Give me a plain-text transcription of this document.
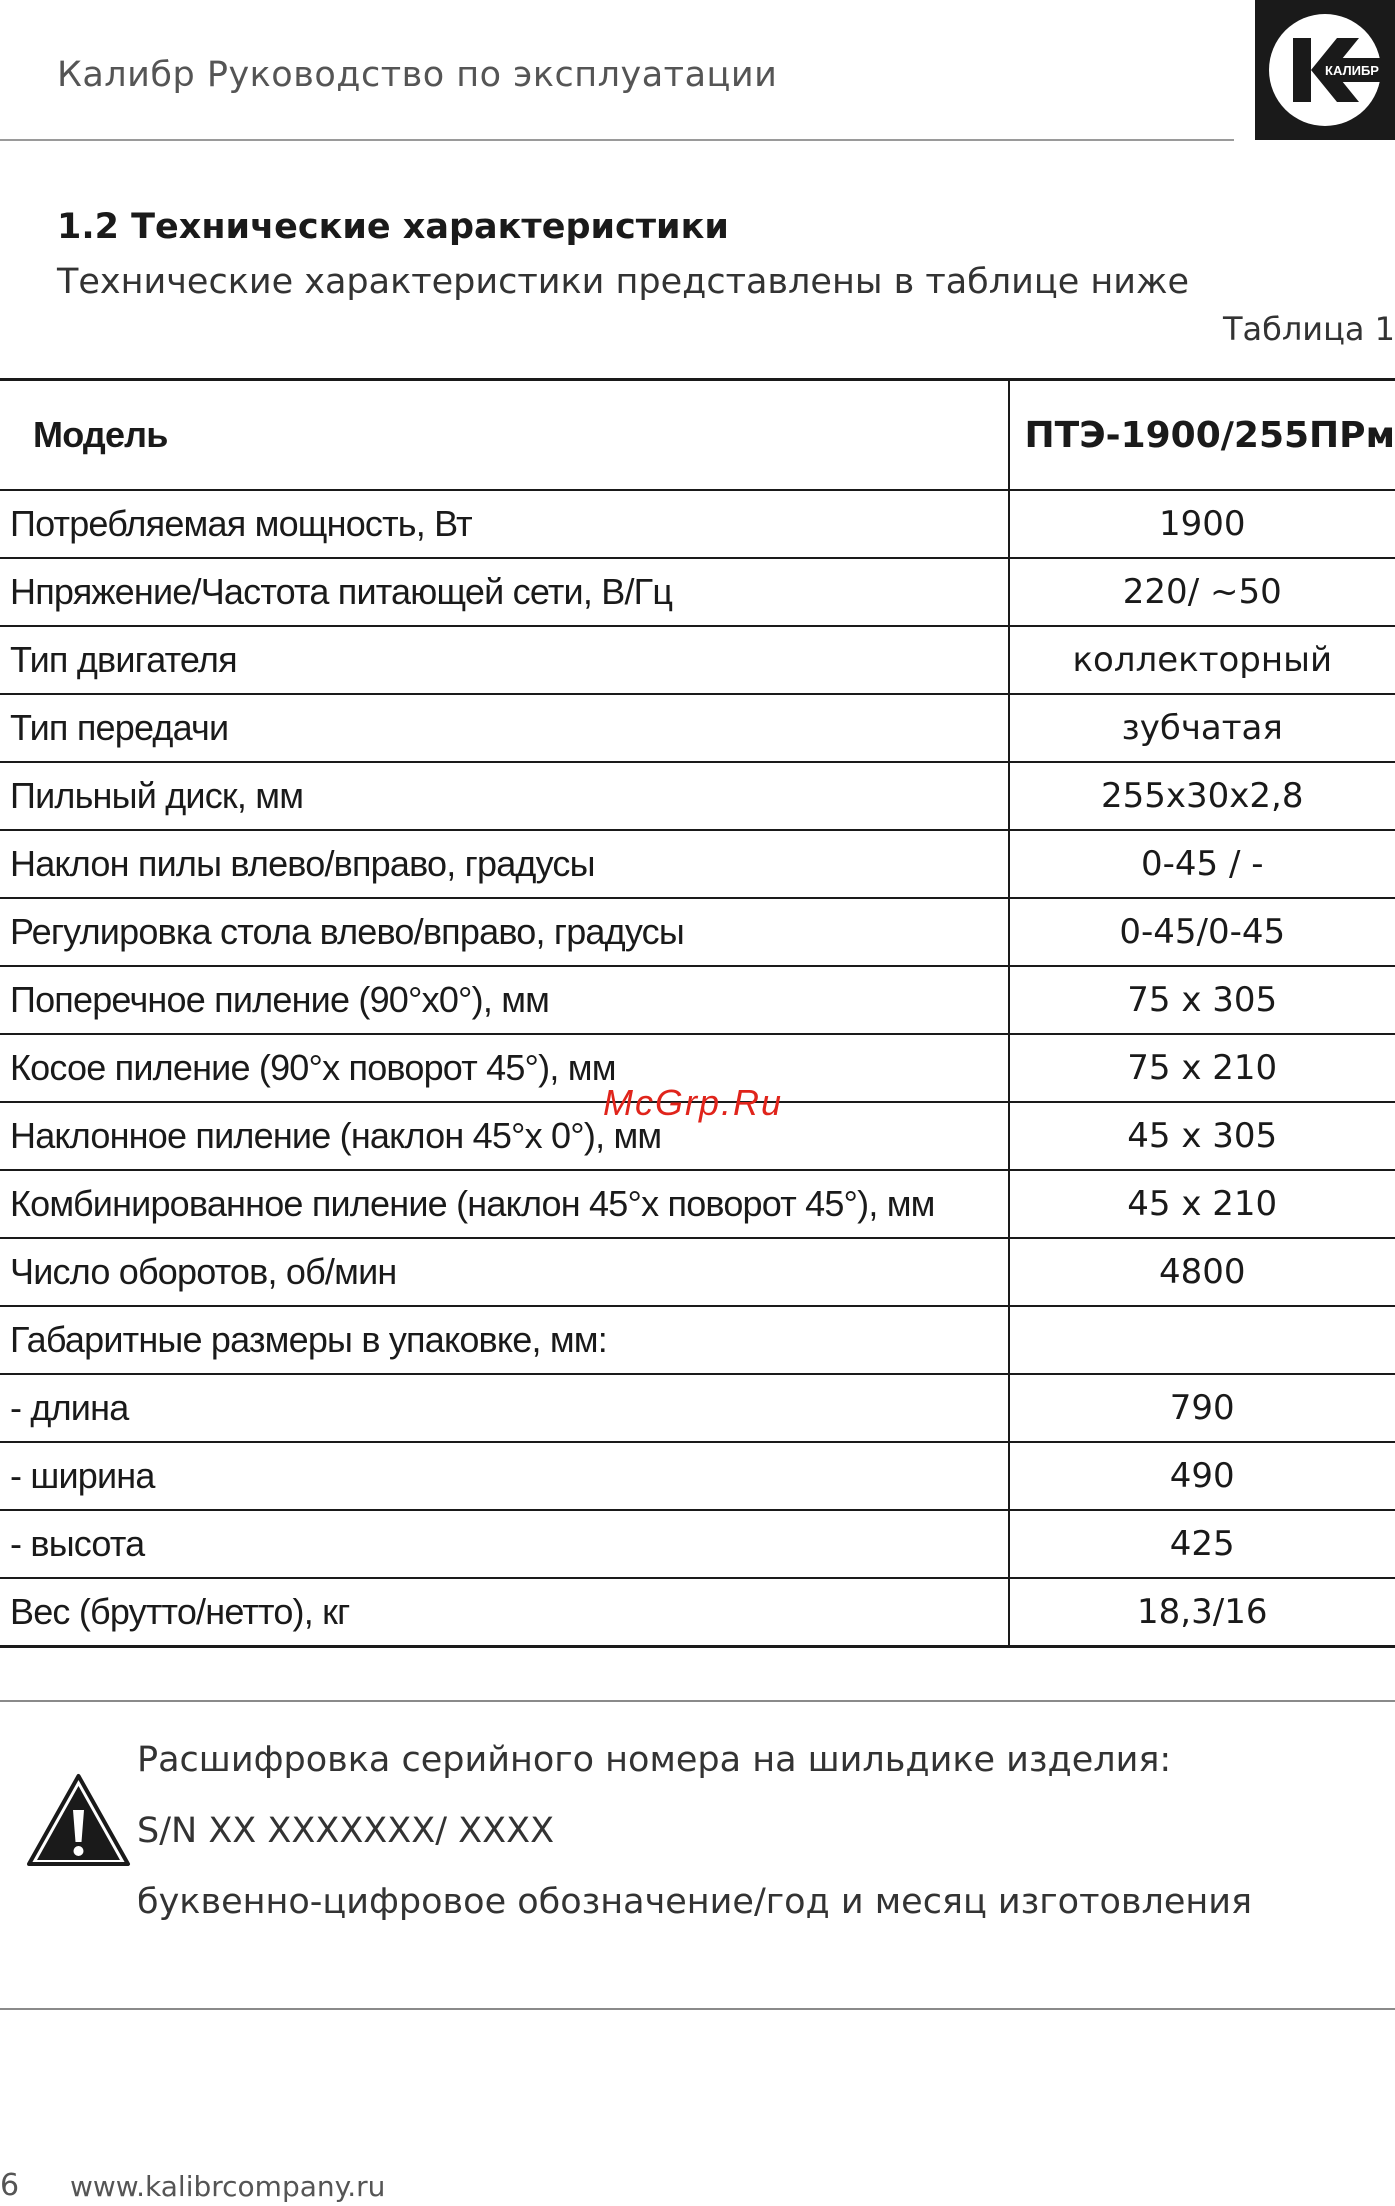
Калибр Руководство по эксплуатации	КАЛИБР
1.2 Технические характеристики
Технические характеристики представлены в таблице ниже
Таблица 1
Модель	ПТЭ-1900/255ПРм
Потребляемая мощность, Вт	1900
Нпряжение/Частота питающей сети, В/Гц	220/ ~50
Тип двигателя	коллекторный
Тип передачи	зубчатая
Пильный диск, мм	255x30x2,8
Наклон пилы влево/вправо, градусы	0-45 / -
Регулировка стола влево/вправо, градусы	0-45/0-45
Поперечное пиление (90°х0°), мм	75 x 305
Косое пиление (90°х поворот 45°), мм	75 x 210
Наклонное пиление (наклон 45°х 0°), мм	45 x 305
Комбинированное пиление (наклон 45°х поворот 45°), мм	45 x 210
Число оборотов, об/мин	4800
Габаритные размеры в упаковке, мм:	
- длина	790
- ширина	490
- высота	425
Вес (брутто/нетто), кг	18,3/16
McGrp.Ru
Расшифровка серийного номера на шильдике изделия:
S/N XX XXXXXXX/ XXXX
буквенно-цифровое обозначение/год и месяц изготовления
6 www.kalibrcompany.ru
